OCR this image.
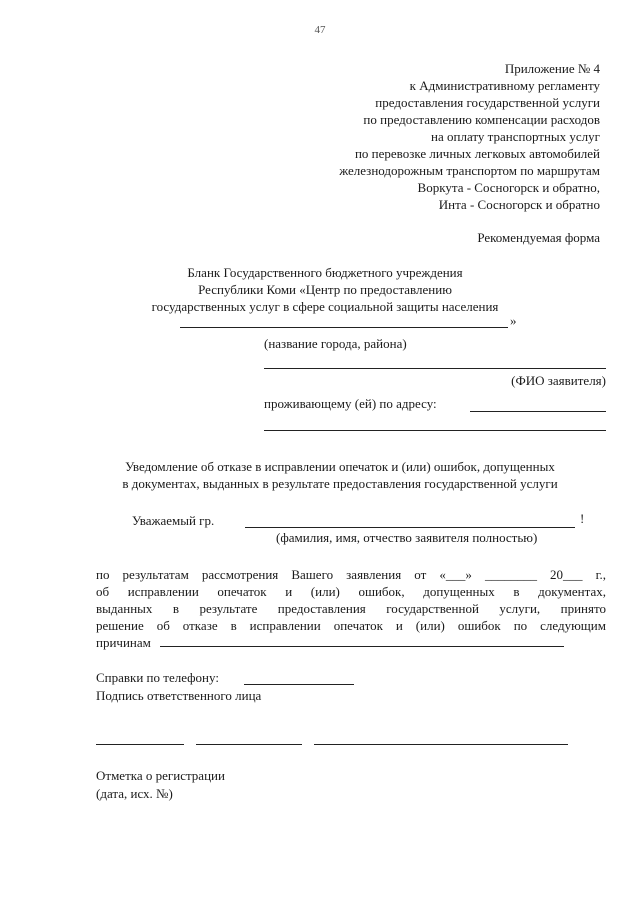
47
Приложение № 4
к Административному регламенту
предоставления государственной услуги
по предоставлению компенсации расходов
на оплату транспортных услуг
по перевозке личных легковых автомобилей
железнодорожным транспортом по маршрутам
Воркута - Сосногорск и обратно,
Инта - Сосногорск и обратно
Рекомендуемая форма
Бланк Государственного бюджетного учреждения
Республики Коми «Центр по предоставлению
государственных услуг в сфере социальной защиты населения
»
(название города, района)
(ФИО заявителя)
проживающему (ей) по адресу:
Уведомление об отказе в исправлении опечаток и (или) ошибок, допущенных
в документах, выданных в результате предоставления государственной услуги
Уважаемый гр.	!
(фамилия, имя, отчество заявителя полностью)
по результатам рассмотрения Вашего заявления от «___» ________ 20___ г.,
об исправлении опечаток и (или) ошибок, допущенных в документах,
выданных в результате предоставления государственной услуги, принято
решение об отказе в исправлении опечаток и (или) ошибок по следующим
причинам
Справки по телефону:
Подпись ответственного лица
Отметка о регистрации
(дата, исх. №)
